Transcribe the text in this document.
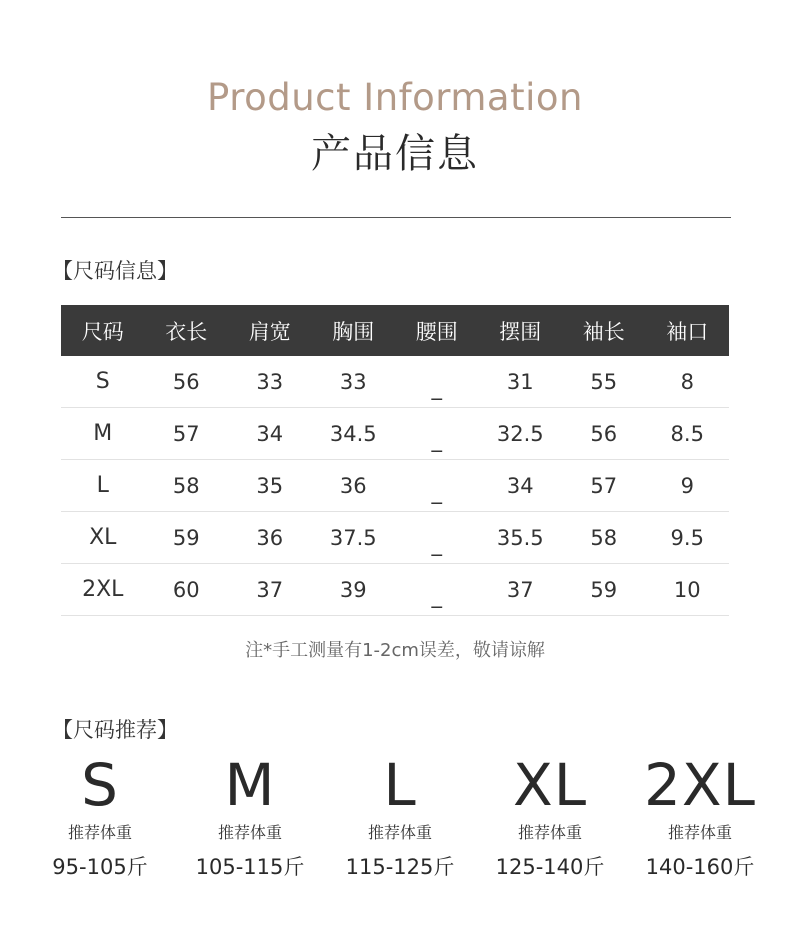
Product Information
产品信息
【尺码信息】
尺码	衣长	肩宽	胸围	腰围	摆围	袖长	袖口
S	56	33	33	_	31	55	8
M	57	34	34.5	_	32.5	56	8.5
L	58	35	36	_	34	57	9
XL	59	36	37.5	_	35.5	58	9.5
2XL	60	37	39	_	37	59	10
注*手工测量有1-2cm误差，敬请谅解
【尺码推荐】
S
推荐体重
95-105斤
M
推荐体重
105-115斤
L
推荐体重
115-125斤
XL
推荐体重
125-140斤
2XL
推荐体重
140-160斤
